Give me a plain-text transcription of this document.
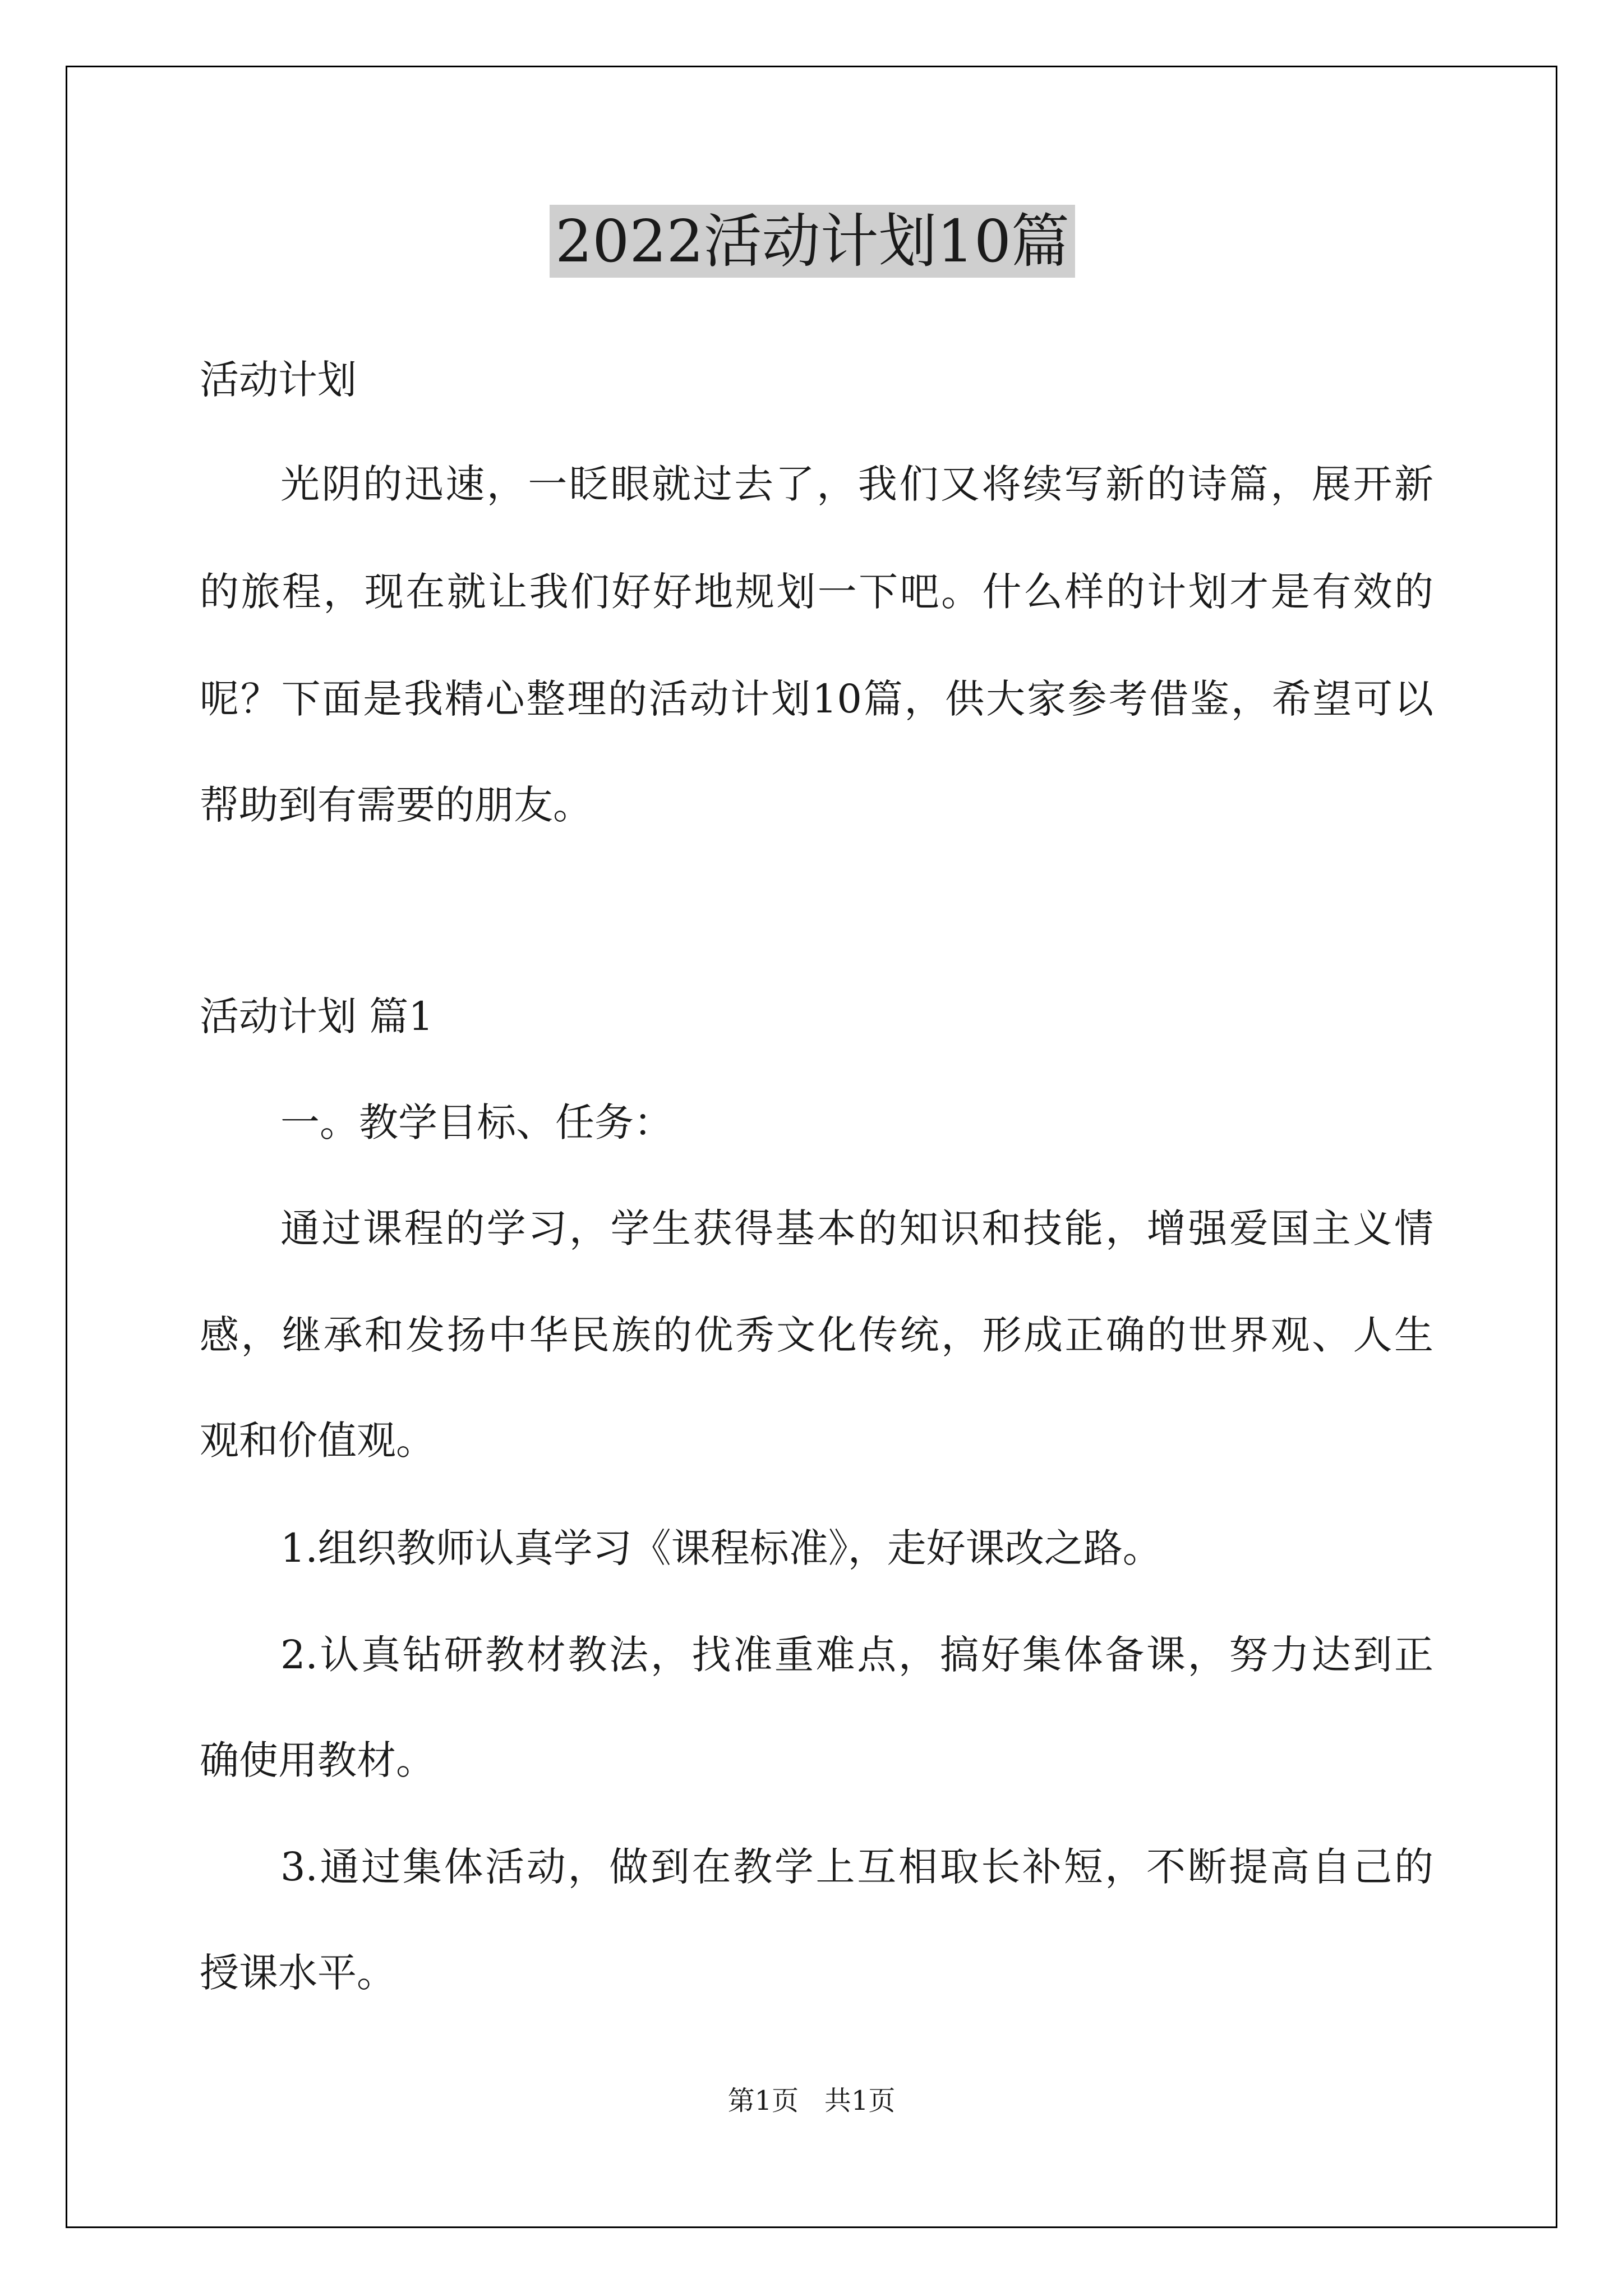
2022活动计划10篇
活动计划
光阴的迅速，一眨眼就过去了，我们又将续写新的诗篇，展开新
的旅程，现在就让我们好好地规划一下吧。什么样的计划才是有效的
呢？下面是我精心整理的活动计划10篇，供大家参考借鉴，希望可以
帮助到有需要的朋友。
活动计划 篇1
一。教学目标、任务：
通过课程的学习，学生获得基本的知识和技能，增强爱国主义情
感，继承和发扬中华民族的优秀文化传统，形成正确的世界观、人生
观和价值观。
1.组织教师认真学习《课程标准》，走好课改之路。
2.认真钻研教材教法，找准重难点，搞好集体备课，努力达到正
确使用教材。
3.通过集体活动，做到在教学上互相取长补短，不断提高自己的
授课水平。
第1页   共1页
